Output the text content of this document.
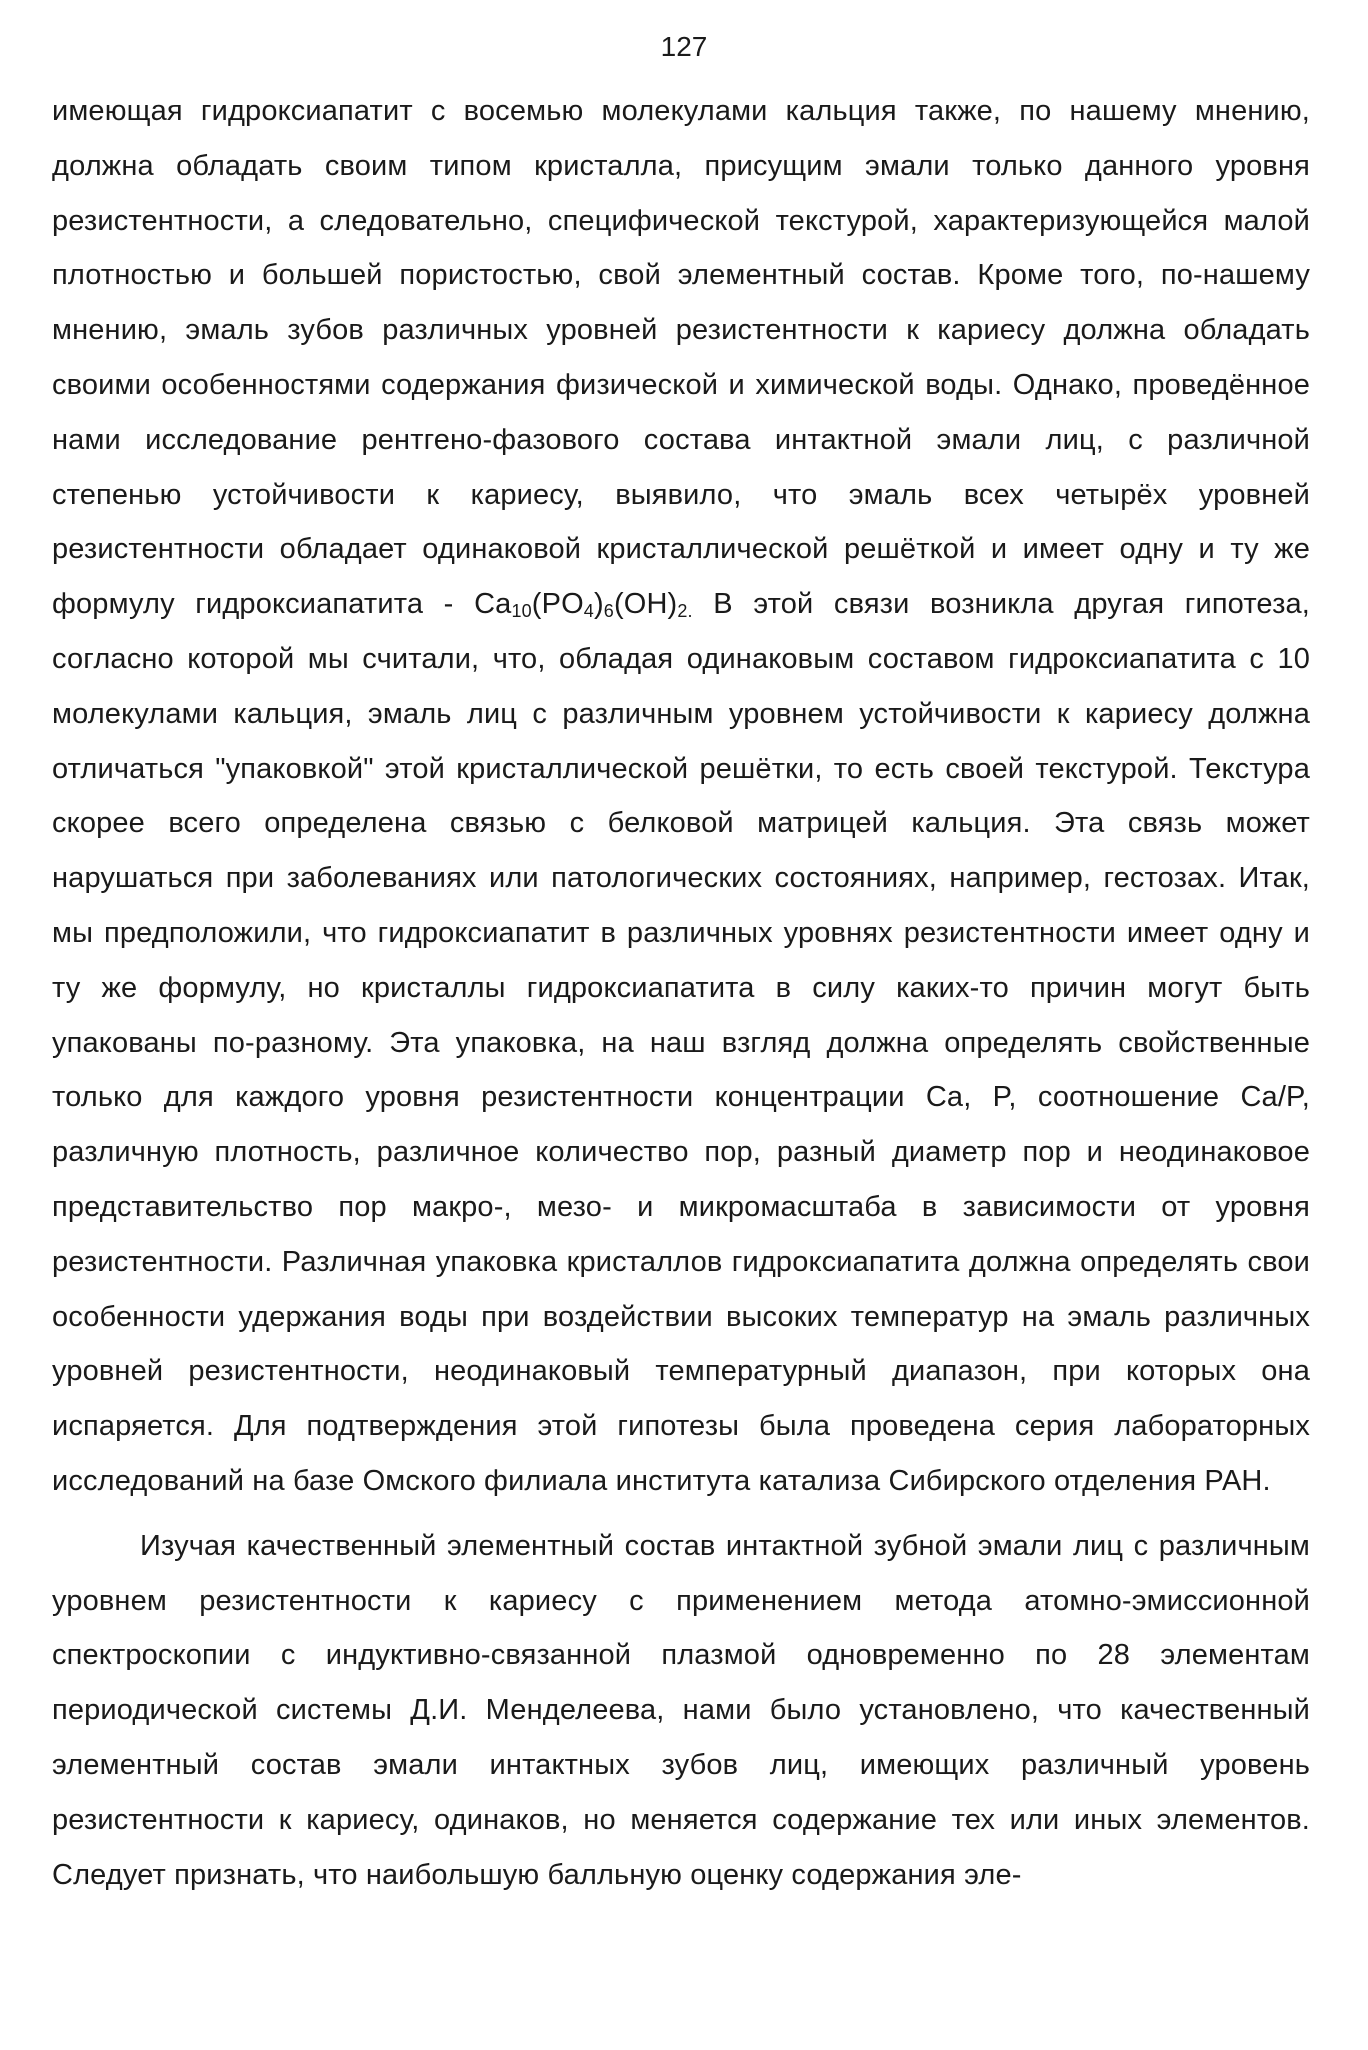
127

имеющая гидроксиапатит с восемью молекулами кальция также, по нашему мнению, должна обладать своим типом кристалла, присущим эмали только данного уровня резистентности, а следовательно, специфической текстурой, характеризующейся малой плотностью и большей пористостью, свой элементный состав. Кроме того, по-нашему мнению, эмаль зубов различных уровней резистентности к кариесу должна обладать своими особенностями содержания физической и химической воды. Однако, проведённое нами исследование рентгено-фазового состава интактной эмали лиц, с различной степенью устойчивости к кариесу, выявило, что эмаль всех четырёх уровней резистентности обладает одинаковой кристаллической решёткой и имеет одну и ту же формулу гидроксиапатита - $Ca_{10}(PO_4)_6(OH)_{2.}$ В этой связи возникла другая гипотеза, согласно которой мы считали, что, обладая одинаковым составом гидроксиапатита с 10 молекулами кальция, эмаль лиц с различным уровнем устойчивости к кариесу должна отличаться "упаковкой" этой кристаллической решётки, то есть своей текстурой. Текстура скорее всего определена связью с белковой матрицей кальция. Эта связь может нарушаться при заболеваниях или патологических состояниях, например, гестозах. Итак, мы предположили, что гидроксиапатит в различных уровнях резистентности имеет одну и ту же формулу, но кристаллы гидроксиапатита в силу каких-то причин могут быть упакованы по-разному. Эта упаковка, на наш взгляд должна определять свойственные только для каждого уровня резистентности концентрации Ca, P, соотношение Ca/P, различную плотность, различное количество пор, разный диаметр пор и неодинаковое представительство пор макро-, мезо- и микромасштаба в зависимости от уровня резистентности. Различная упаковка кристаллов гидроксиапатита должна определять свои особенности удержания воды при воздействии высоких температур на эмаль различных уровней резистентности, неодинаковый температурный диапазон, при которых она испаряется. Для подтверждения этой гипотезы была проведена серия лабораторных исследований на базе Омского филиала института катализа Сибирского отделения РАН.

Изучая качественный элементный состав интактной зубной эмали лиц с различным уровнем резистентности к кариесу с применением метода атомно-эмиссионной спектроскопии с индуктивно-связанной плазмой одновременно по 28 элементам периодической системы Д.И. Менделеева, нами было установлено, что качественный элементный состав эмали интактных зубов лиц, имеющих различный уровень резистентности к кариесу, одинаков, но меняется содержание тех или иных элементов. Следует признать, что наибольшую балльную оценку содержания эле-
